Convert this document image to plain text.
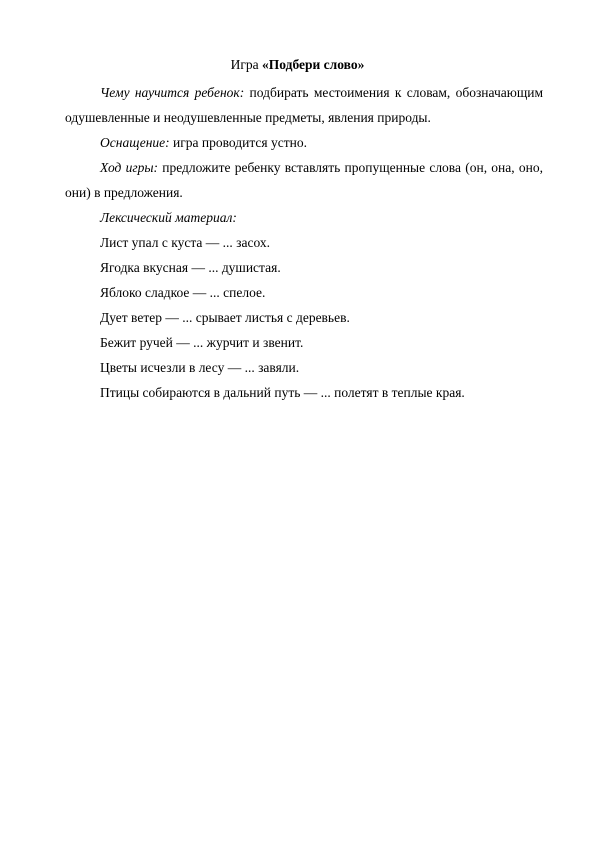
Игра «Подбери слово»

Чему научится ребенок: подбирать местоимения к словам, обозначающим одушевленные и неодушевленные предметы, явления природы.

Оснащение: игра проводится устно.

Ход игры: предложите ребенку вставлять пропущенные слова (он, она, оно, они) в предложения.

Лексический материал:

Лист упал с куста — ... засох.
Ягодка вкусная — ... душистая.
Яблоко сладкое — ... спелое.
Дует ветер — ... срывает листья с деревьев.
Бежит ручей — ... журчит и звенит.
Цветы исчезли в лесу — ... завяли.
Птицы собираются в дальний путь — ... полетят в теплые края.
